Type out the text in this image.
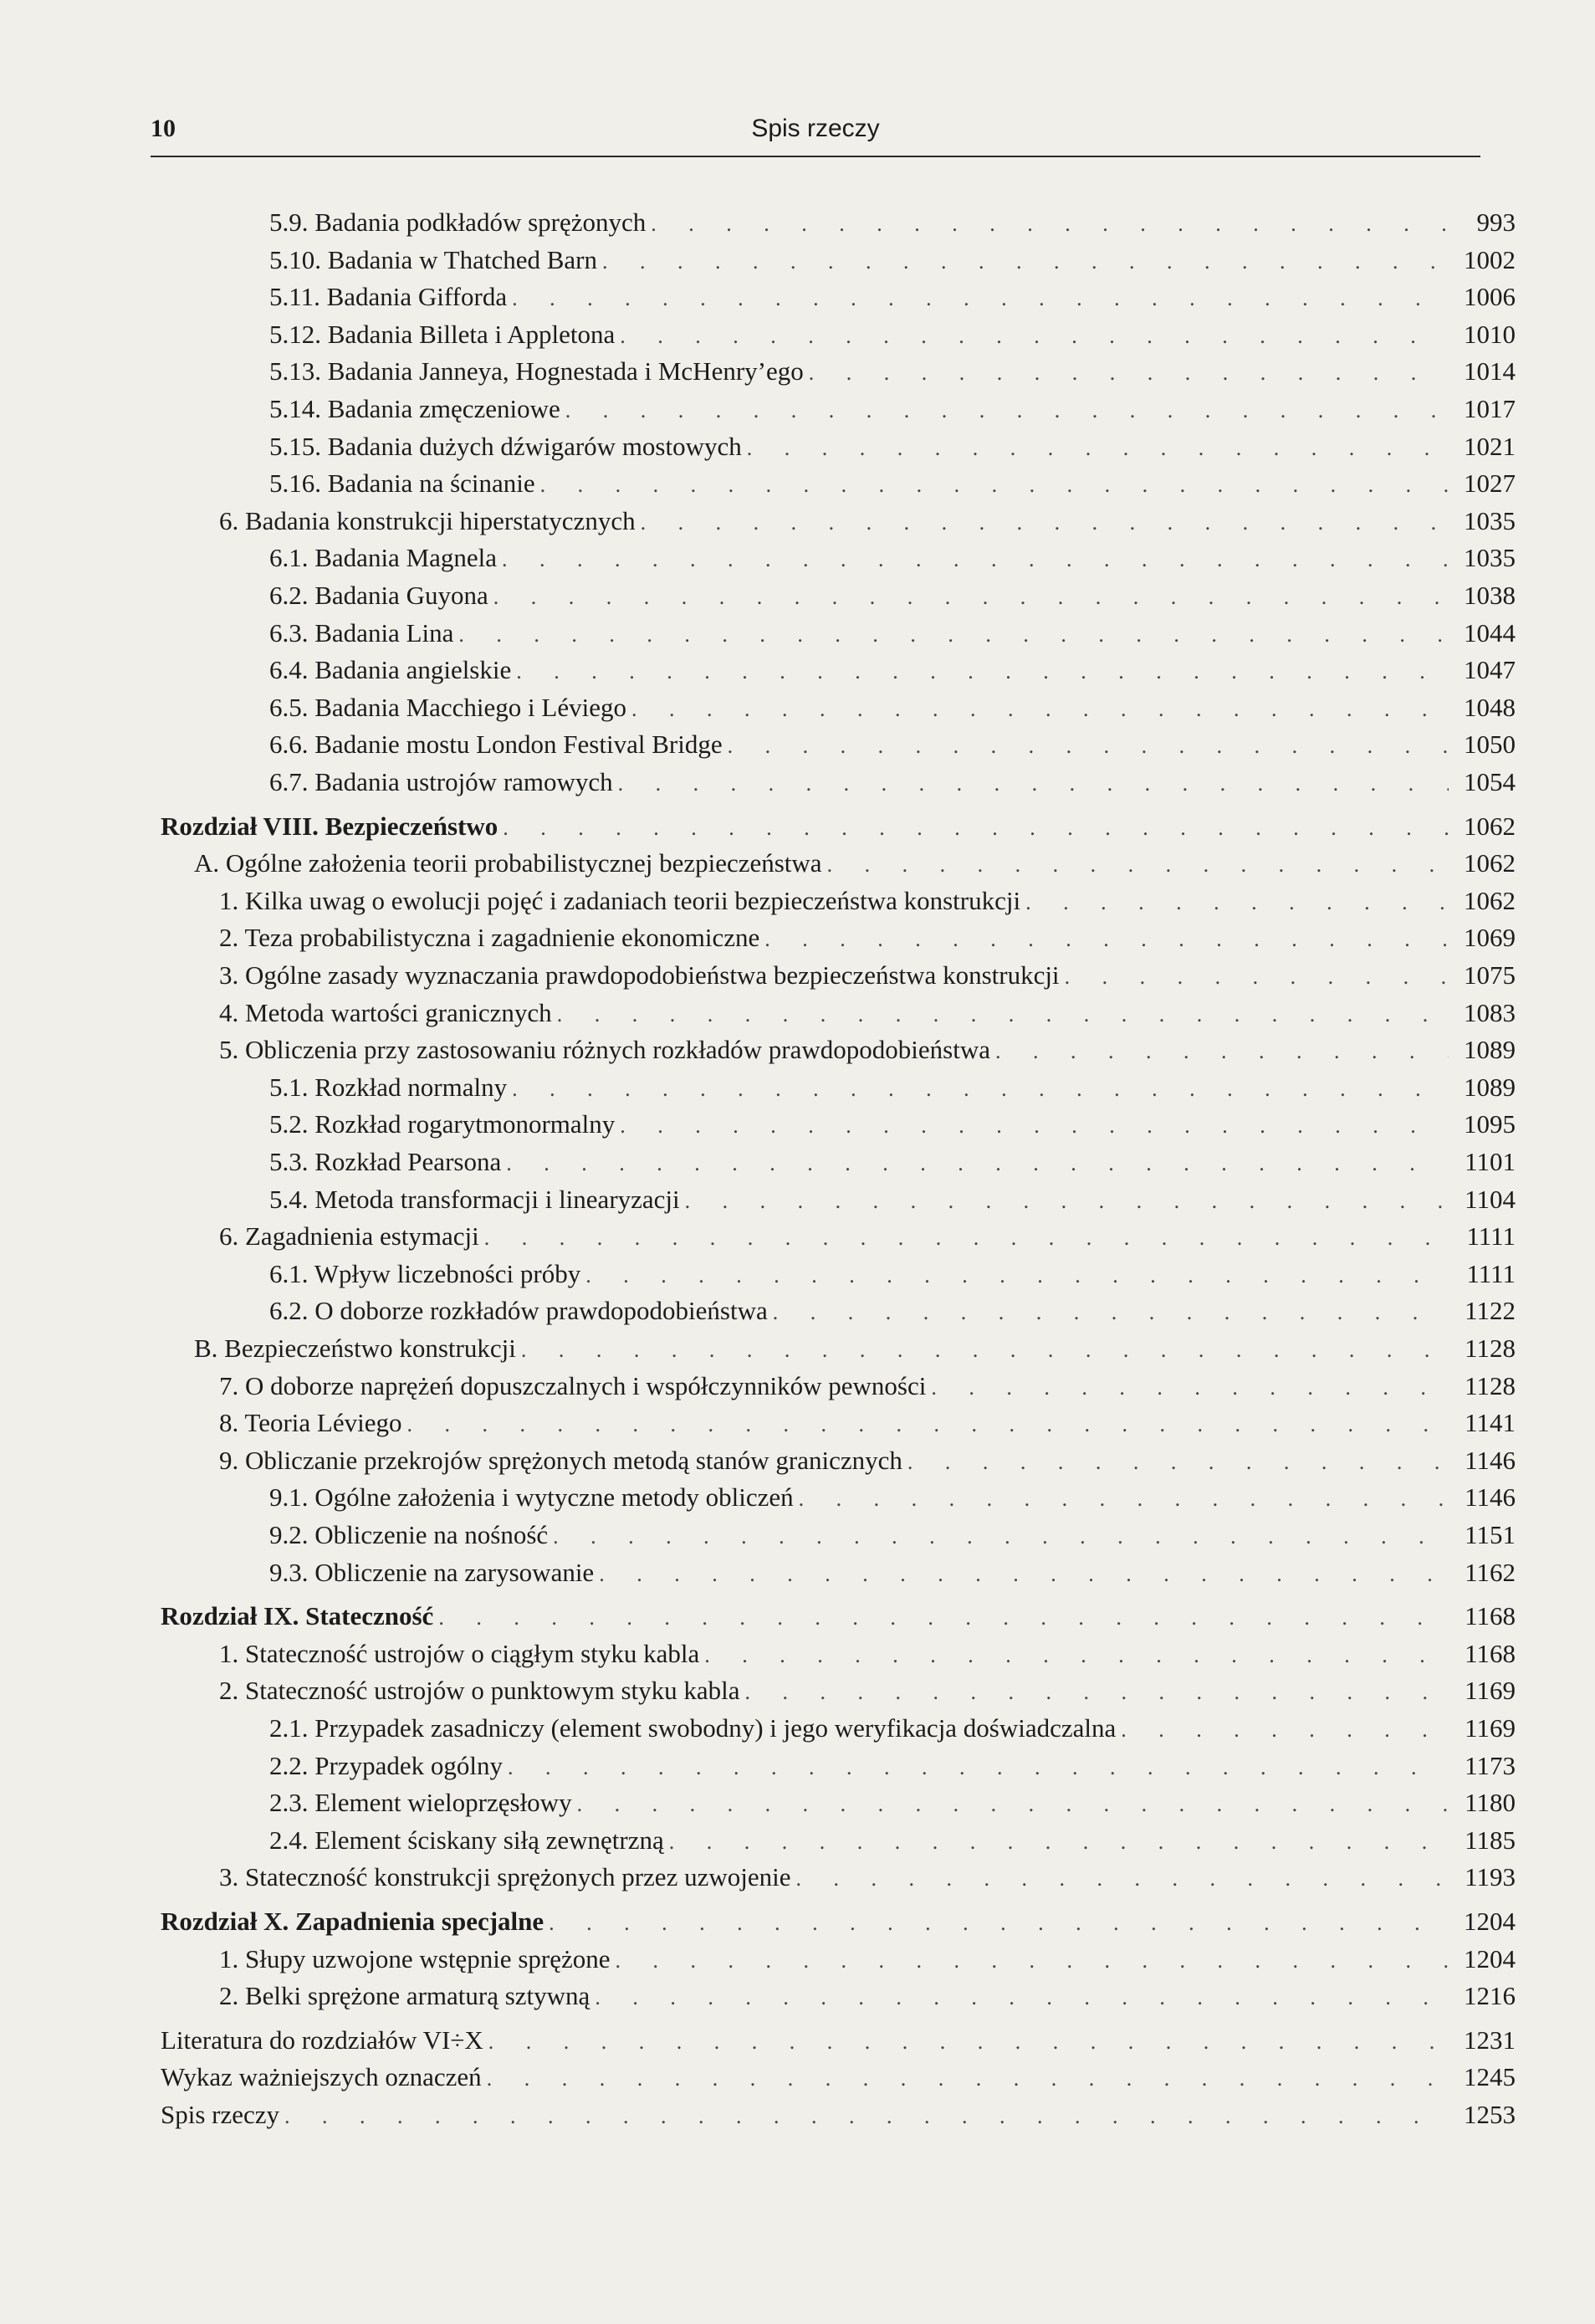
10	Spis rzeczy
5.9. Badania podkładów sprężonych . . .	993
5.10. Badania w Thatched Barn . . .	1002
5.11. Badania Gifforda . . .	1006
5.12. Badania Billeta i Appletona . . .	1010
5.13. Badania Janneya, Hognestada i McHenry’ego . . .	1014
5.14. Badania zmęczeniowe . . .	1017
5.15. Badania dużych dźwigarów mostowych . . .	1021
5.16. Badania na ścinanie . . .	1027
6. Badania konstrukcji hiperstatycznych . . .	1035
6.1. Badania Magnela . . .	1035
6.2. Badania Guyona . . .	1038
6.3. Badania Lina . . .	1044
6.4. Badania angielskie . . .	1047
6.5. Badania Macchiego i Léviego . . .	1048
6.6. Badanie mostu London Festival Bridge . . .	1050
6.7. Badania ustrojów ramowych . . .	1054
Rozdział VIII. Bezpieczeństwo . . .	1062
A. Ogólne założenia teorii probabilistycznej bezpieczeństwa . . .	1062
1. Kilka uwag o ewolucji pojęć i zadaniach teorii bezpieczeństwa konstrukcji . . .	1062
2. Teza probabilistyczna i zagadnienie ekonomiczne . . .	1069
3. Ogólne zasady wyznaczania prawdopodobieństwa bezpieczeństwa konstrukcji . . .	1075
4. Metoda wartości granicznych . . .	1083
5. Obliczenia przy zastosowaniu różnych rozkładów prawdopodobieństwa . . .	1089
5.1. Rozkład normalny . . .	1089
5.2. Rozkład rogarytmonormalny . . .	1095
5.3. Rozkład Pearsona . . .	1101
5.4. Metoda transformacji i linearyzacji . . .	1104
6. Zagadnienia estymacji . . .	1111
6.1. Wpływ liczebności próby . . .	1111
6.2. O doborze rozkładów prawdopodobieństwa . . .	1122
B. Bezpieczeństwo konstrukcji . . .	1128
7. O doborze naprężeń dopuszczalnych i współczynników pewności . . .	1128
8. Teoria Léviego . . .	1141
9. Obliczanie przekrojów sprężonych metodą stanów granicznych . . .	1146
9.1. Ogólne założenia i wytyczne metody obliczeń . . .	1146
9.2. Obliczenie na nośność . . .	1151
9.3. Obliczenie na zarysowanie . . .	1162
Rozdział IX. Stateczność . . .	1168
1. Stateczność ustrojów o ciągłym styku kabla . . .	1168
2. Stateczność ustrojów o punktowym styku kabla . . .	1169
2.1. Przypadek zasadniczy (element swobodny) i jego weryfikacja doświadczalna . . .	1169
2.2. Przypadek ogólny . . .	1173
2.3. Element wieloprzęsłowy . . .	1180
2.4. Element ściskany siłą zewnętrzną . . .	1185
3. Stateczność konstrukcji sprężonych przez uzwojenie . . .	1193
Rozdział X. Zapadnienia specjalne . . .	1204
1. Słupy uzwojone wstępnie sprężone . . .	1204
2. Belki sprężone armaturą sztywną . . .	1216
Literatura do rozdziałów VI÷X . . .	1231
Wykaz ważniejszych oznaczeń . . .	1245
Spis rzeczy . . .	1253
